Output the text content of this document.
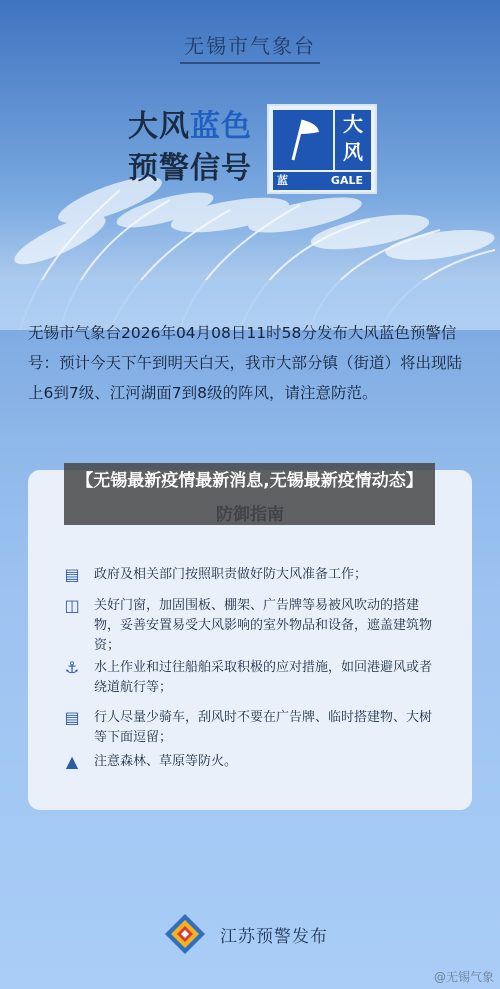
无锡市气象台
大风蓝色
预警信号
大风
蓝	GALE
无锡市气象台2026年04月08日11时58分发布大风蓝色预警信号：预计今天下午到明天白天，我市大部分镇（街道）将出现陆上6到7级、江河湖面7到8级的阵风，请注意防范。
▤ 政府及相关部门按照职责做好防大风准备工作；
◫ 关好门窗，加固围板、棚架、广告牌等易被风吹动的搭建物，妥善安置易受大风影响的室外物品和设备，遮盖建筑物资；
⚓ 水上作业和过往船舶采取积极的应对措施，如回港避风或者绕道航行等；
▤ 行人尽量少骑车，刮风时不要在广告牌、临时搭建物、大树等下面逗留；
▲ 注意森林、草原等防火。
【无锡最新疫情最新消息,无锡最新疫情动态】
江苏预警发布
@无锡气象
